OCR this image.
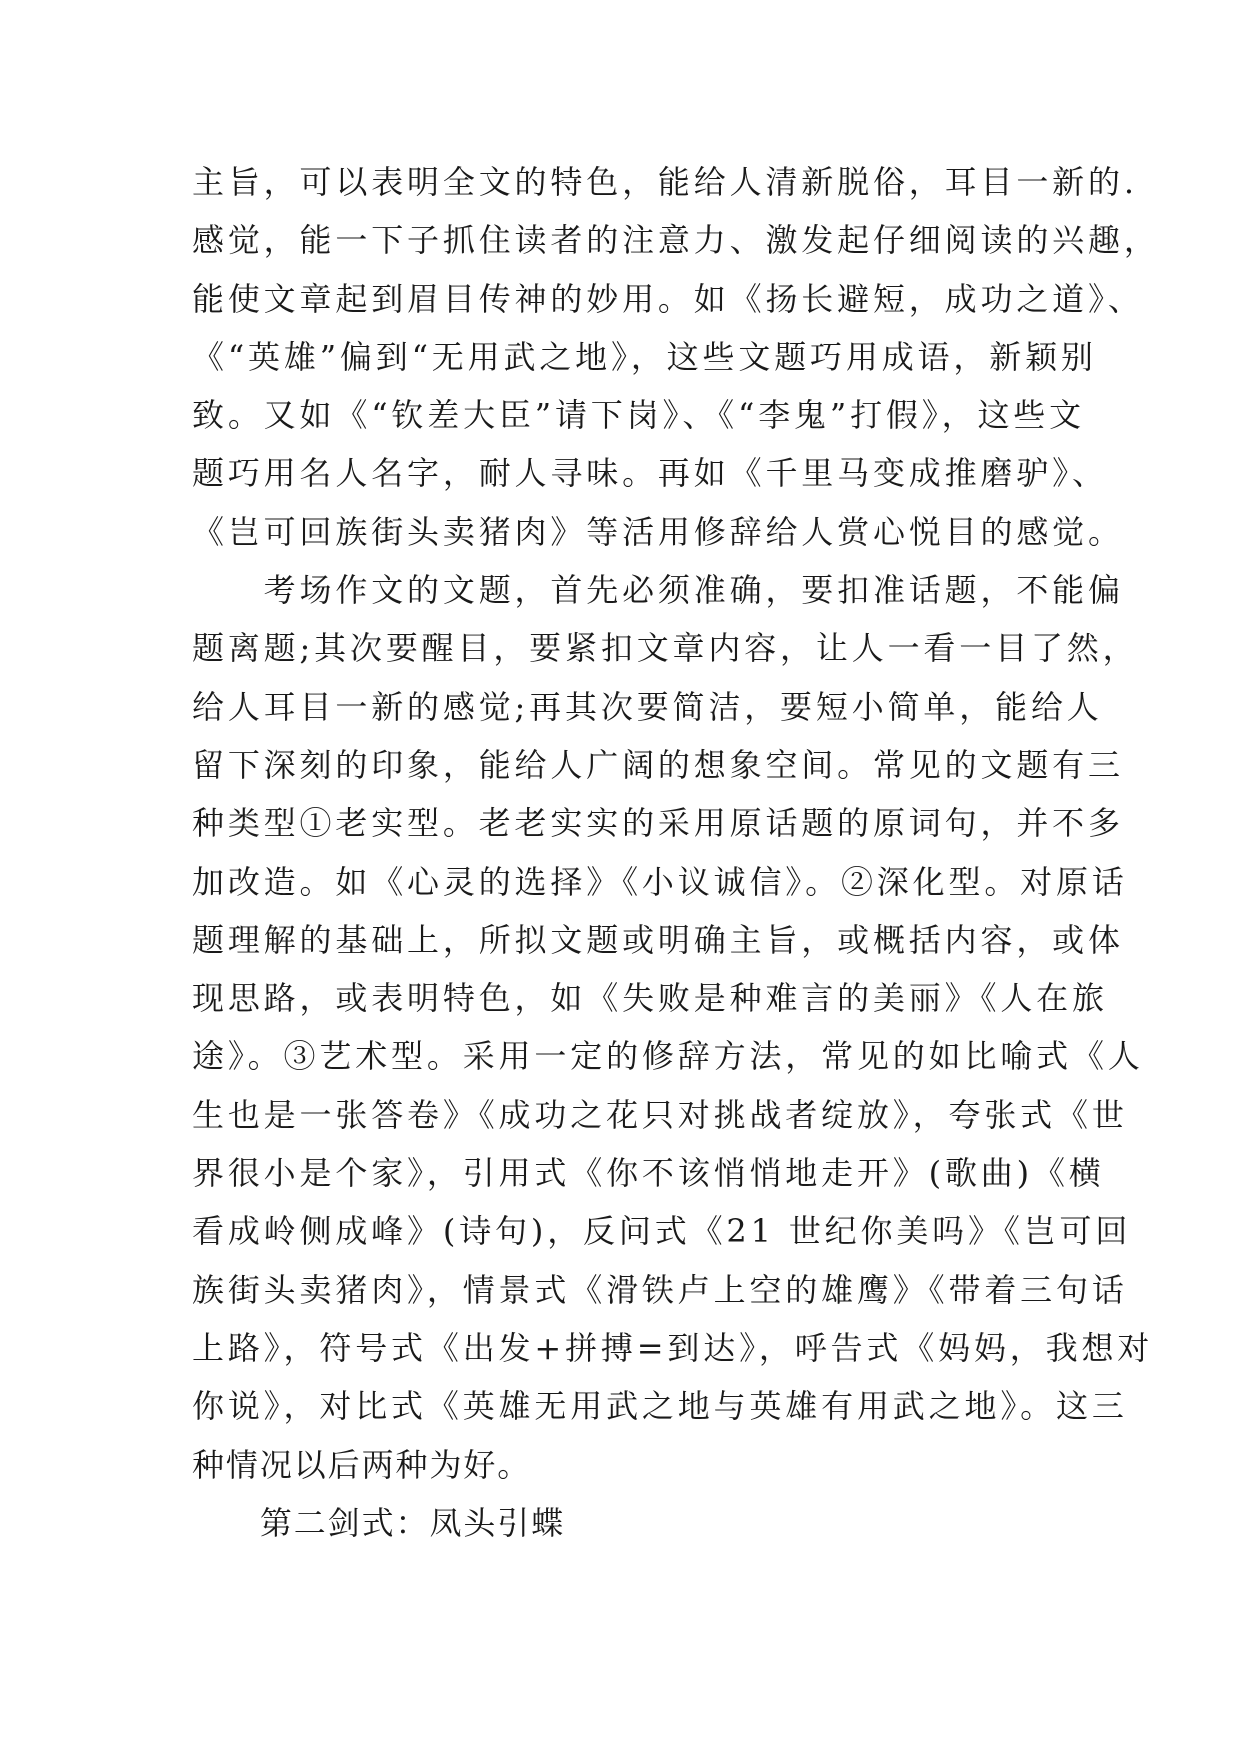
主旨，可以表明全文的特色，能给人清新脱俗，耳目一新的.
感觉，能一下子抓住读者的注意力、激发起仔细阅读的兴趣，
能使文章起到眉目传神的妙用。如《扬长避短，成功之道》、
《“英雄”偏到“无用武之地》，这些文题巧用成语，新颖别
致。又如《“钦差大臣”请下岗》、《“李鬼”打假》，这些文
题巧用名人名字，耐人寻味。再如《千里马变成推磨驴》、
《岂可回族街头卖猪肉》等活用修辞给人赏心悦目的感觉。
　　考场作文的文题，首先必须准确，要扣准话题，不能偏
题离题;其次要醒目，要紧扣文章内容，让人一看一目了然，
给人耳目一新的感觉;再其次要简洁，要短小简单，能给人
留下深刻的印象，能给人广阔的想象空间。常见的文题有三
种类型①老实型。老老实实的采用原话题的原词句，并不多
加改造。如《心灵的选择》《小议诚信》。②深化型。对原话
题理解的基础上，所拟文题或明确主旨，或概括内容，或体
现思路，或表明特色，如《失败是种难言的美丽》《人在旅
途》。③艺术型。采用一定的修辞方法，常见的如比喻式《人
生也是一张答卷》《成功之花只对挑战者绽放》，夸张式《世
界很小是个家》，引用式《你不该悄悄地走开》(歌曲)《横
看成岭侧成峰》(诗句)，反问式《21 世纪你美吗》《岂可回
族街头卖猪肉》，情景式《滑铁卢上空的雄鹰》《带着三句话
上路》，符号式《出发+拼搏=到达》，呼告式《妈妈，我想对
你说》，对比式《英雄无用武之地与英雄有用武之地》。这三
种情况以后两种为好。
　　第二剑式：凤头引蝶
